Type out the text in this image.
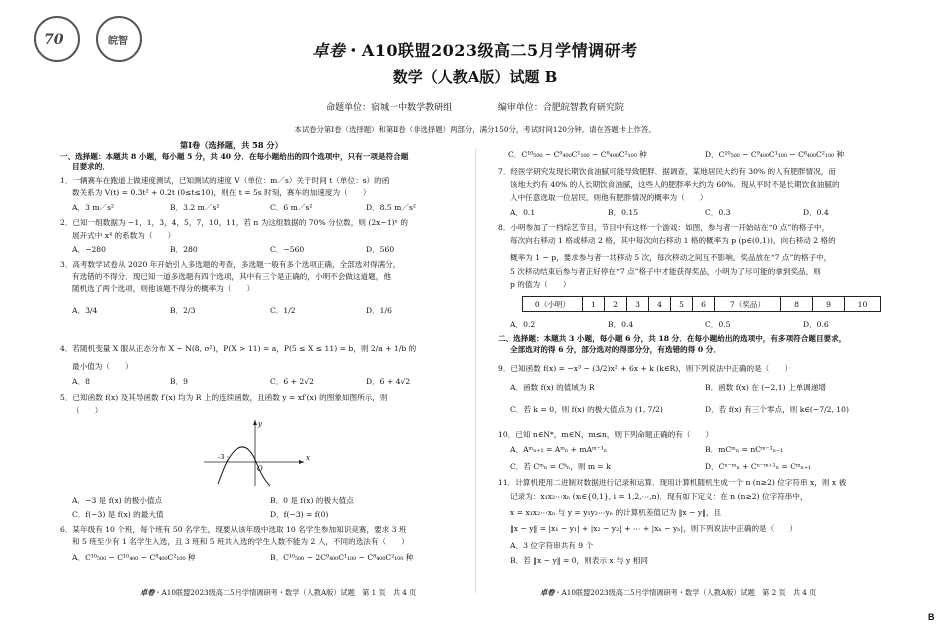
70	皖智	卓卷・A10联盟2023级高二5月学情调研考
数学（人教A版）试题 B
命题单位：宿城一中数学教研组	编审单位：合肥皖智教育研究院
本试卷分第Ⅰ卷（选择题）和第Ⅱ卷（非选择题）两部分，满分150分，考试时间120分钟。请在答题卡上作答。
第Ⅰ卷（选择题，共 58 分）
一、选择题：本题共 8 小题，每小题 5 分，共 40 分．在每小题给出的四个选项中，只有一项是符合题
目要求的．
1．一辆赛车在跑道上做速度测试，已知测试的速度 V（单位：m／s）关于时间 t（单位：s）的函
数关系为 V(t) = 0.3t² + 0.2t (0≤t≤10)，则在 t = 5s 时刻，赛车的加速度为（　　）
A．3 m／s²	B．3.2 m／s²	C．6 m／s²	D．8.5 m／s²
2．已知一组数据为 −1，1，3，4，5，7，10，11，若 n 为这组数据的 70% 分位数，则 (2x−1)ⁿ 的
展开式中 x⁴ 的系数为（　　）
A．−280	B．280	C．−560	D．560
3．高考数学试卷从 2020 年开始引入多选题的考查，多选题一般有多个选项正确，全部选对得满分，
有选错的不得分．现已知一道多选题有四个选项，其中有三个是正确的，小明不会做这道题，他
随机选了两个选项，则他该题不得分的概率为（　　）
A．3/4	B．2/3	C．1/2	D．1/6
4．若随机变量 X 服从正态分布 X ~ N(8, σ²)，P(X > 11) = a，P(5 ≤ X ≤ 11) = b，则 2/a + 1/b 的
最小值为（　　）
A．8	B．9	C．6 + 2√2	D．6 + 4√2
5．已知函数 f(x) 及其导函数 f′(x) 均为 R 上的连续函数，且函数 y = xf′(x) 的图象如图所示，则
（　　）
x
y
O
-3
A．−3 是 f(x) 的极小值点	B．0 是 f(x) 的极大值点
C．f(−3) 是 f(x) 的最大值	D．f(−3) = f(0)
6．某年级有 10 个班，每个班有 50 名学生，现要从该年级中选取 10 名学生参加知识竞赛，要求 3 班
和 5 班至少有 1 名学生入选，且 3 班和 5 班共入选的学生人数不能为 2 人，不同的选法有（　　）
A．C¹⁰₅₀₀ − C¹⁰₄₀₀ − C⁸₄₀₀C²₁₀₀ 种	B．C¹⁰₅₀₀ − 2C⁹₄₀₀C¹₁₀₀ − C⁸₄₀₀C²₁₀₀ 种
卓卷・A10联盟2023级高二5月学情调研考・数学（人教A版）试题　第 1 页　共 4 页
C．C¹⁰₅₀₀ − C⁹₄₀₀C¹₁₀₀ − C⁸₄₀₀C²₁₀₀ 种	D．C¹⁰₅₀₀ − C⁹₄₀₀C¹₁₀₀ − C⁸₄₀₀C²₁₀₀ 种
7．经医学研究发现长期饮食油腻可能导致肥胖．据调查，某地居民大约有 30% 的人有肥胖情况，而
该地大约有 40% 的人长期饮食油腻，这些人的肥胖率大约为 60%．现从平时不是长期饮食油腻的
人中任意选取一位居民，则他有肥胖情况的概率为（　　）
A．0.1	B．0.15	C．0.3	D．0.4
8．小明参加了一档综艺节目，节目中有这样一个游戏：如图，参与者一开始站在“0 点”的格子中，
每次向右移动 1 格或移动 2 格，其中每次向右移动 1 格的概率为 p (p∈(0,1))，向右移动 2 格的
概率为 1 − p，要求参与者一共移动 5 次，每次移动之间互不影响，奖品放在“7 点”的格子中，
5 次移动结束后参与者正好停在“7 点”格子中才能获得奖品，小明为了尽可能的拿到奖品，则
p 的值为（　　）
0（小明）	1	2	3	4	5	6	7（奖品）	8	9	10
A．0.2	B．0.4	C．0.5	D．0.6
二、选择题：本题共 3 小题，每小题 6 分，共 18 分．在每小题给出的选项中，有多项符合题目要求，
全部选对的得 6 分，部分选对的得部分分，有选错的得 0 分．
9．已知函数 f(x) = −x³ − (3/2)x² + 6x + k (k∈R)，则下列说法中正确的是（　　）
A．函数 f(x) 的值域为 R	B．函数 f(x) 在 (−2,1) 上单调递增
C．若 k = 0，则 f(x) 的极大值点为 (1, 7/2)	D．若 f(x) 有三个零点，则 k∈(−7/2, 10)
10．已知 n∈N*，m∈N，m≤n，则下列命题正确的有（　　）
A．Aᵐₙ₊₁ = Aᵐₙ + mAᵐ⁻¹ₙ	B．mCᵐₙ = nCᵐ⁻¹ₙ₋₁
C．若 Cᵐₙ = Cᵏₙ，则 m = k	D．Cⁿ⁻ᵐₙ + Cⁿ⁻ᵐ⁺¹ₙ = Cᵐₙ₊₁
11．计算机使用二进制对数据进行记录和运算．现用计算机随机生成一个 n (n≥2) 位字符串 x，则 x 被
记录为：x₁x₂⋯xₙ (xᵢ∈{0,1}, i = 1,2,⋯,n)．现有如下定义：在 n (n≥2) 位字符串中，
x = x₁x₂⋯xₙ 与 y = y₁y₂⋯yₙ 的计算机差值记为 ‖x − y‖，且
‖x − y‖ = |x₁ − y₁| + |x₂ − y₂| + ⋯ + |xₙ − yₙ|，则下列说法中正确的是（　　）
A．3 位字符串共有 9 个
B．若 ‖x − y‖ = 0，则表示 x 与 y 相同
卓卷・A10联盟2023级高二5月学情调研考・数学（人教A版）试题　第 2 页　共 4 页
B
